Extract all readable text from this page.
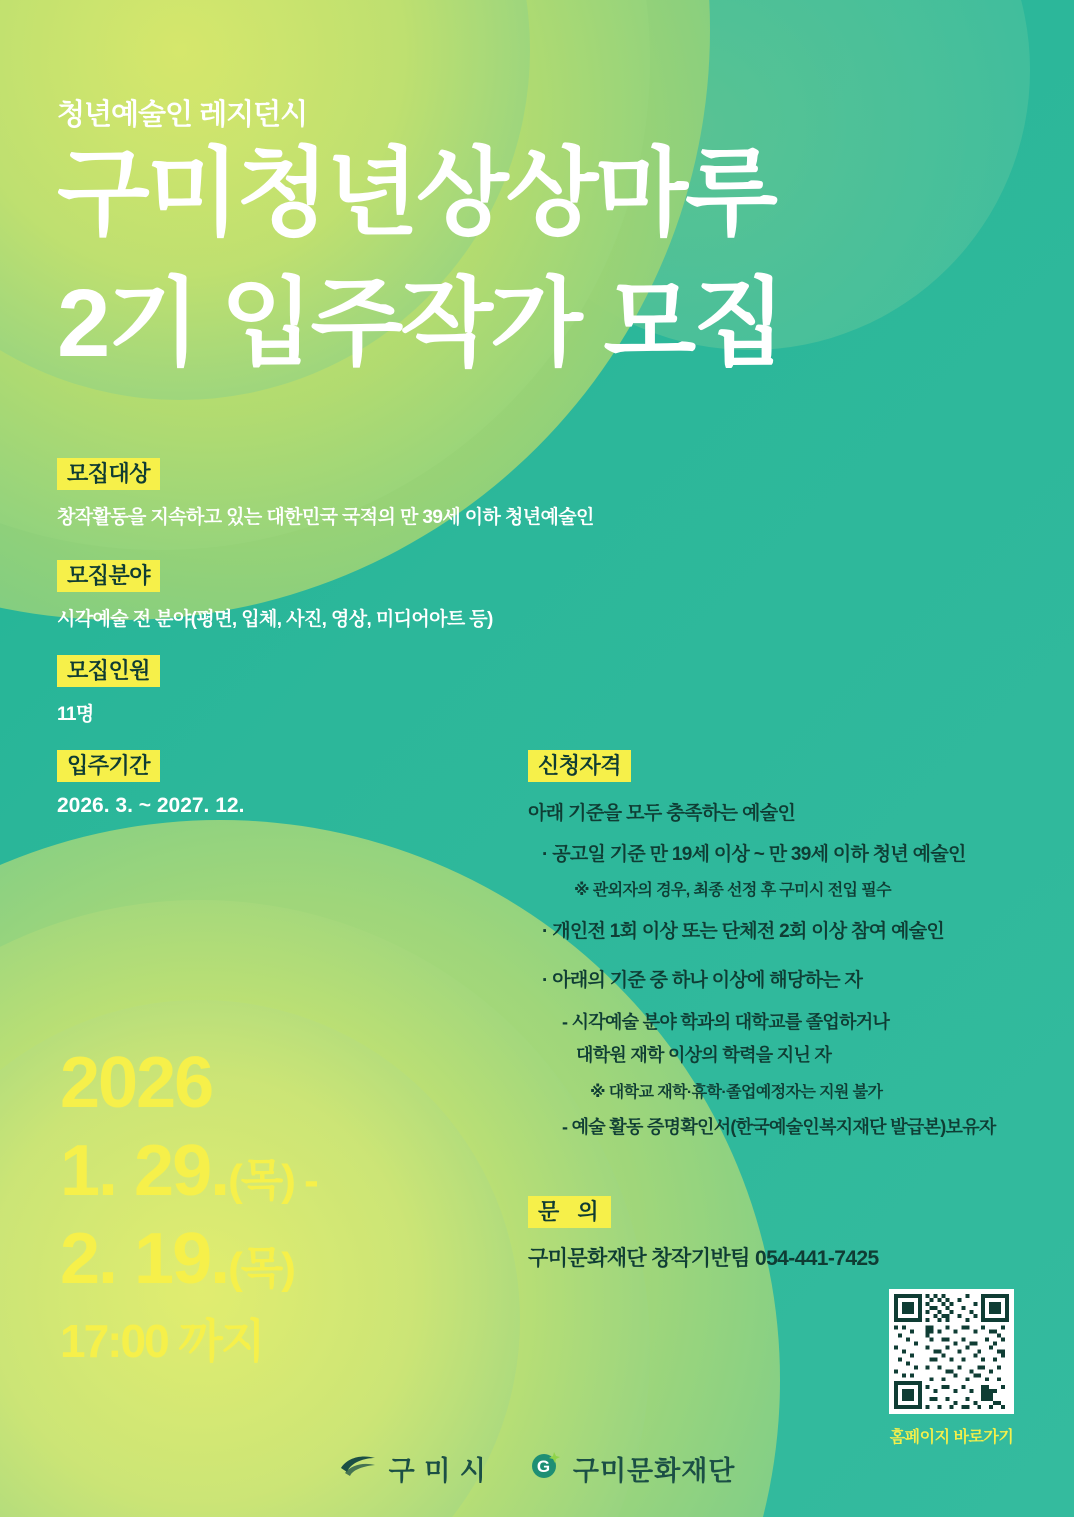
청년예술인 레지던시
구미청년상상마루
2기 입주작가 모집
모집대상
창작활동을 지속하고 있는 대한민국 국적의 만 39세 이하 청년예술인
모집분야
시각예술 전 분야(평면, 입체, 사진, 영상, 미디어아트 등)
모집인원
11명
입주기간
2026. 3. ~ 2027. 12.
신청자격
아래 기준을 모두 충족하는 예술인
· 공고일 기준 만 19세 이상 ~ 만 39세 이하 청년 예술인
※ 관외자의 경우, 최종 선정 후 구미시 전입 필수
· 개인전 1회 이상 또는 단체전 2회 이상 참여 예술인
· 아래의 기준 중 하나 이상에 해당하는 자
- 시각예술 분야 학과의 대학교를 졸업하거나
대학원 재학 이상의 학력을 지닌 자
※ 대학교 재학·휴학·졸업예정자는 지원 불가
- 예술 활동 증명확인서(한국예술인복지재단 발급본)보유자
문 의
구미문화재단 창작기반팀 054-441-7425
2026
1. 29.(목) -
2. 19.(목)
17:00 까지
홈페이지 바로가기
구 미 시	G 구미문화재단
